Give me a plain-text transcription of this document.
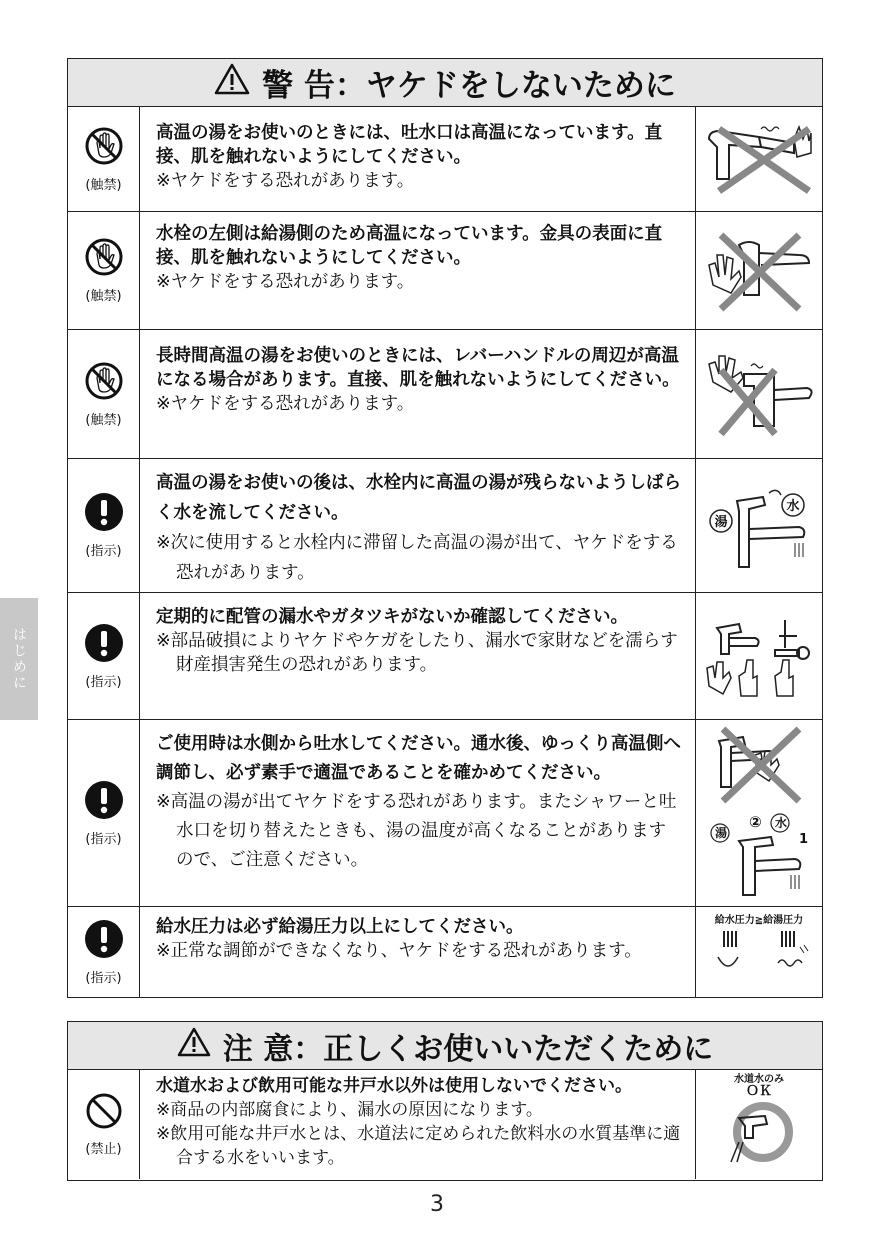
警 告：ヤケドをしないために
(触禁)
高温の湯をお使いのときには、吐水口は高温になっています。直接、肌を触れないようにしてください。
※ヤケドをする恐れがあります。
(触禁)
水栓の左側は給湯側のため高温になっています。金具の表面に直接、肌を触れないようにしてください。
※ヤケドをする恐れがあります。
(触禁)
長時間高温の湯をお使いのときには、レバーハンドルの周辺が高温になる場合があります。直接、肌を触れないようにしてください。
※ヤケドをする恐れがあります。
(指示)
高温の湯をお使いの後は、水栓内に高温の湯が残らないようしばらく水を流してください。
※次に使用すると水栓内に滞留した高温の湯が出て、ヤケドをする恐れがあります。
湯
水
(指示)
定期的に配管の漏水やガタツキがないか確認してください。
※部品破損によりヤケドやケガをしたり、漏水で家財などを濡らす財産損害発生の恐れがあります。
(指示)
ご使用時は水側から吐水してください。通水後、ゆっくり高温側へ調節し、必ず素手で適温であることを確かめてください。
※高温の湯が出てヤケドをする恐れがあります。またシャワーと吐水口を切り替えたときも、湯の温度が高くなることがありますので、ご注意ください。
湯
② 水
1
(指示)
給水圧力は必ず給湯圧力以上にしてください。
※正常な調節ができなくなり、ヤケドをする恐れがあります。
給水圧力≧給湯圧力
注 意：正しくお使いいただくために
(禁止)
水道水および飲用可能な井戸水以外は使用しないでください。
※商品の内部腐食により、漏水の原因になります。
※飲用可能な井戸水とは、水道法に定められた飲料水の水質基準に適合する水をいいます。
水道水のみ
ＯＫ
はじめに
3
